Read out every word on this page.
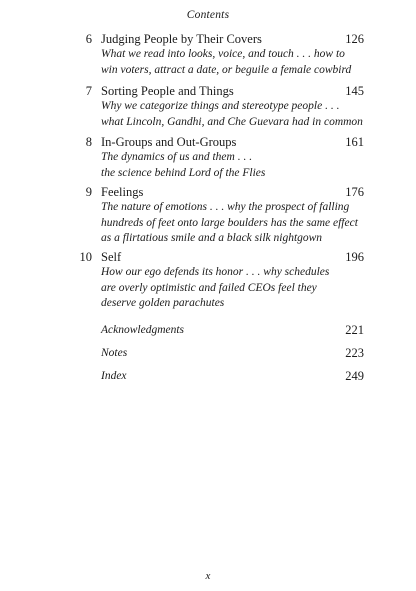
Contents
6 Judging People by Their Covers	126
What we read into looks, voice, and touch . . . how to
win voters, attract a date, or beguile a female cowbird
7 Sorting People and Things	145
Why we categorize things and stereotype people . . .
what Lincoln, Gandhi, and Che Guevara had in common
8 In-Groups and Out-Groups	161
The dynamics of us and them . . .
the science behind Lord of the Flies
9 Feelings	176
The nature of emotions . . . why the prospect of falling
hundreds of feet onto large boulders has the same effect
as a flirtatious smile and a black silk nightgown
10 Self	196
How our ego defends its honor . . . why schedules
are overly optimistic and failed CEOs feel they
deserve golden parachutes
Acknowledgments	221
Notes	223
Index	249
x
